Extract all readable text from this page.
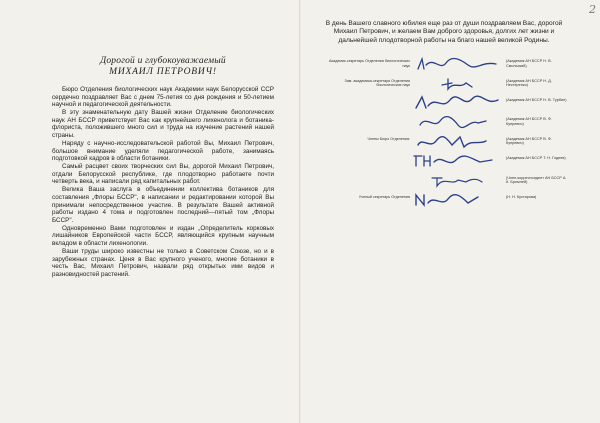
2
Дорогой и глубокоуважаемый
МИХАИЛ ПЕТРОВИЧ!

Бюро Отделения биологических наук Академии наук Белорусской ССР сердечно поздравляет Вас с днем 75-летия со дня рождения и 50-летием научной и педагогической деятельности.

В эту знаменательную дату Вашей жизни Отделение биологических наук АН БССР приветствует Вас как крупнейшего лихенолога и ботаника-флориста, положившего много сил и труда на изучение растений нашей страны.

Наряду с научно-исследовательской работой Вы, Михаил Петрович, большое внимание уделяли педагогической работе, занимаясь подготовкой кадров в области ботаники.

Самый расцвет своих творческих сил Вы, дорогой Михаил Петрович, отдали Белорусской республике, где плодотворно работаете почти четверть века, и написали ряд капитальных работ.

Велика Ваша заслуга в объединении коллектива ботаников для составления „Флоры БССР", в написании и редактировании которой Вы принимали непосредственное участие. В результате Вашей активной работы издано 4 тома и подготовлен последний—пятый том „Флоры БССР".

Одновременно Вами подготовлен и издан „Определитель корковых лишайников Европейской части БССР, являющийся крупным научным вкладом в области лихенологии.

Ваши труды широко известны не только в Советском Союзе, но и в зарубежных странах. Ценя в Вас крупного ученого, многие ботаники в честь Вас, Михаил Петрович, назвали ряд открытых ими видов и разновидностей растений.

В день Вашего славного юбилея еще раз от души поздравляем Вас, дорогой Михаил Петрович, и желаем Вам доброго здоровья, долгих лет жизни и дальнейшей плодотворной работы на благо нашей великой Родины.

Академик-секретарь Отделения биологических наук
(Академик АН БССР Н. В. Смольский)
Зам. академика-секретаря Отделения биологических наук
(Академик АН БССР Н. Д. Нестеренко)
(Академик АН БССР Н. В. Турбин)
(Академик АН БССР В. Ф. Купревич)
Члены Бюро Отделения:	(Академик АН БССР В. Ф. Купревич)
(Академик АН БССР Т. Н. Годнев)
(Член-корреспондент АН БССР А. К. Бромлей)
Ученый секретарь Отделения	(Н. Н. Кустарова)
